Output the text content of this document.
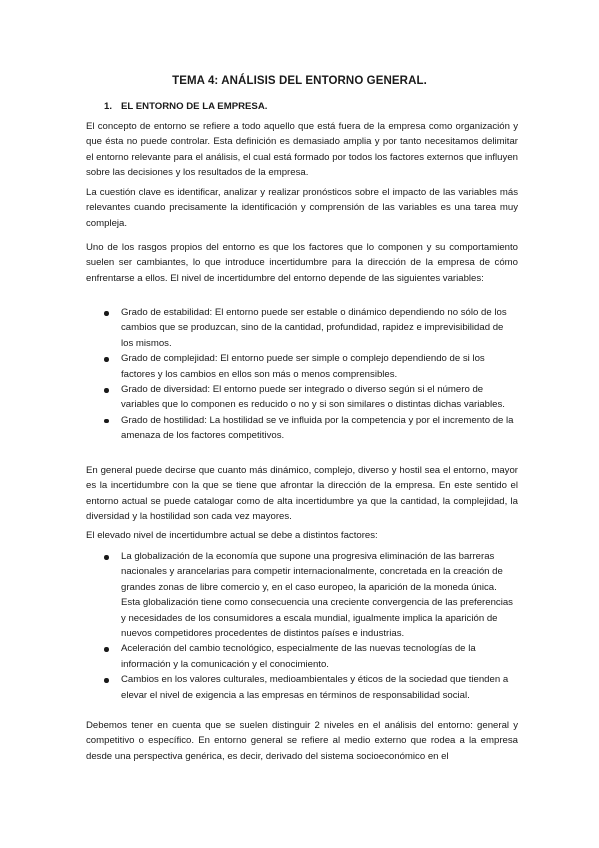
TEMA 4: ANÁLISIS DEL ENTORNO GENERAL.
1. EL ENTORNO DE LA EMPRESA.

El concepto de entorno se refiere a todo aquello que está fuera de la empresa como organización y que ésta no puede controlar. Esta definición es demasiado amplia y por tanto necesitamos delimitar el entorno relevante para el análisis, el cual está formado por todos los factores externos que influyen sobre las decisiones y los resultados de la empresa.

La cuestión clave es identificar, analizar y realizar pronósticos sobre el impacto de las variables más relevantes cuando precisamente la identificación y comprensión de las variables es una tarea muy compleja.

Uno de los rasgos propios del entorno es que los factores que lo componen y su comportamiento suelen ser cambiantes, lo que introduce incertidumbre para la dirección de la empresa de cómo enfrentarse a ellos. El nivel de incertidumbre del entorno depende de las siguientes variables:

Grado de estabilidad: El entorno puede ser estable o dinámico dependiendo no sólo de los cambios que se produzcan, sino de la cantidad, profundidad, rapidez e imprevisibilidad de los mismos.
Grado de complejidad: El entorno puede ser simple o complejo dependiendo de si los factores y los cambios en ellos son más o menos comprensibles.
Grado de diversidad: El entorno puede ser integrado o diverso según si el número de variables que lo componen es reducido o no y si son similares o distintas dichas variables.
Grado de hostilidad: La hostilidad se ve influida por la competencia y por el incremento de la amenaza de los factores competitivos.

En general puede decirse que cuanto más dinámico, complejo, diverso y hostil sea el entorno, mayor es la incertidumbre con la que se tiene que afrontar la dirección de la empresa. En este sentido el entorno actual se puede catalogar como de alta incertidumbre ya que la cantidad, la complejidad, la diversidad y la hostilidad son cada vez mayores.

El elevado nivel de incertidumbre actual se debe a distintos factores:

La globalización de la economía que supone una progresiva eliminación de las barreras nacionales y arancelarias para competir internacionalmente, concretada en la creación de grandes zonas de libre comercio y, en el caso europeo, la aparición de la moneda única. Esta globalización tiene como consecuencia una creciente convergencia de las preferencias y necesidades de los consumidores a escala mundial, igualmente implica la aparición de nuevos competidores procedentes de distintos países e industrias.
Aceleración del cambio tecnológico, especialmente de las nuevas tecnologías de la información y la comunicación y el conocimiento.
Cambios en los valores culturales, medioambientales y éticos de la sociedad que tienden a elevar el nivel de exigencia a las empresas en términos de responsabilidad social.

Debemos tener en cuenta que se suelen distinguir 2 niveles en el análisis del entorno: general y competitivo o específico. En entorno general se refiere al medio externo que rodea a la empresa desde una perspectiva genérica, es decir, derivado del sistema socioeconómico en el
